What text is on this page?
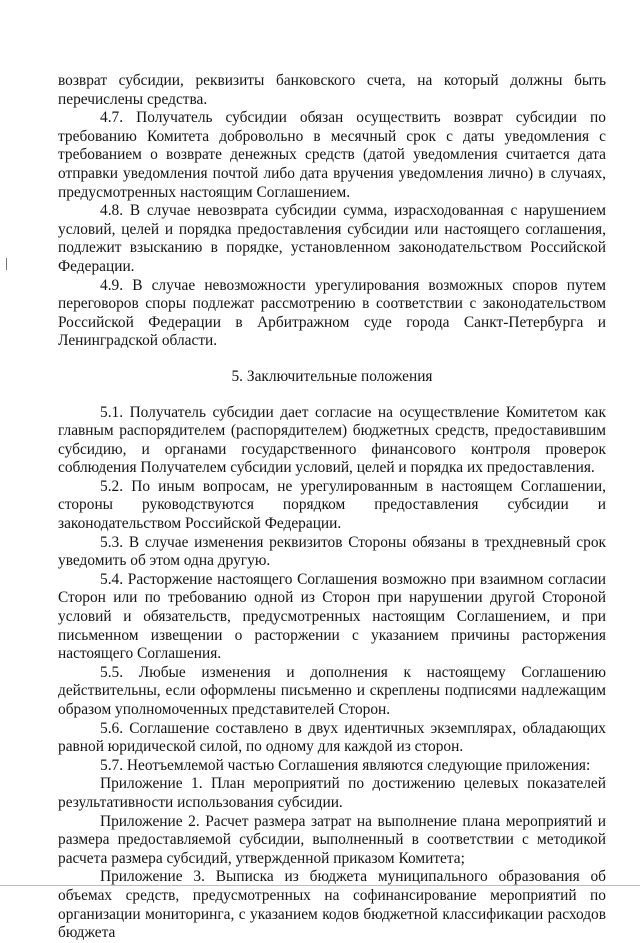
возврат субсидии, реквизиты банковского счета, на который должны быть перечислены средства.

4.7. Получатель субсидии обязан осуществить возврат субсидии по требованию Комитета добровольно в месячный срок с даты уведомления с требованием о возврате денежных средств (датой уведомления считается дата отправки уведомления почтой либо дата вручения уведомления лично) в случаях, предусмотренных настоящим Соглашением.

4.8. В случае невозврата субсидии сумма, израсходованная с нарушением условий, целей и порядка предоставления субсидии или настоящего соглашения, подлежит взысканию в порядке, установленном законодательством Российской Федерации.

4.9. В случае невозможности урегулирования возможных споров путем переговоров споры подлежат рассмотрению в соответствии с законодательством Российской Федерации в Арбитражном суде города Санкт-Петербурга и Ленинградской области.

5. Заключительные положения

5.1. Получатель субсидии дает согласие на осуществление Комитетом как главным распорядителем (распорядителем) бюджетных средств, предоставившим субсидию, и органами государственного финансового контроля проверок соблюдения Получателем субсидии условий, целей и порядка их предоставления.

5.2. По иным вопросам, не урегулированным в настоящем Соглашении, стороны руководствуются порядком предоставления субсидии и законодательством Российской Федерации.

5.3. В случае изменения реквизитов Стороны обязаны в трехдневный срок уведомить об этом одна другую.

5.4. Расторжение настоящего Соглашения возможно при взаимном согласии Сторон или по требованию одной из Сторон при нарушении другой Стороной условий и обязательств, предусмотренных настоящим Соглашением, и при письменном извещении о расторжении с указанием причины расторжения настоящего Соглашения.

5.5. Любые изменения и дополнения к настоящему Соглашению действительны, если оформлены письменно и скреплены подписями надлежащим образом уполномоченных представителей Сторон.

5.6. Соглашение составлено в двух идентичных экземплярах, обладающих равной юридической силой, по одному для каждой из сторон.

5.7. Неотъемлемой частью Соглашения являются следующие приложения:

Приложение 1. План мероприятий по достижению целевых показателей результативности использования субсидии.

Приложение 2. Расчет размера затрат на выполнение плана мероприятий и размера предоставляемой субсидии, выполненный в соответствии с методикой расчета размера субсидий, утвержденной приказом Комитета;

Приложение 3. Выписка из бюджета муниципального образования об объемах средств, предусмотренных на софинансирование мероприятий по организации мониторинга, с указанием кодов бюджетной классификации расходов бюджета
